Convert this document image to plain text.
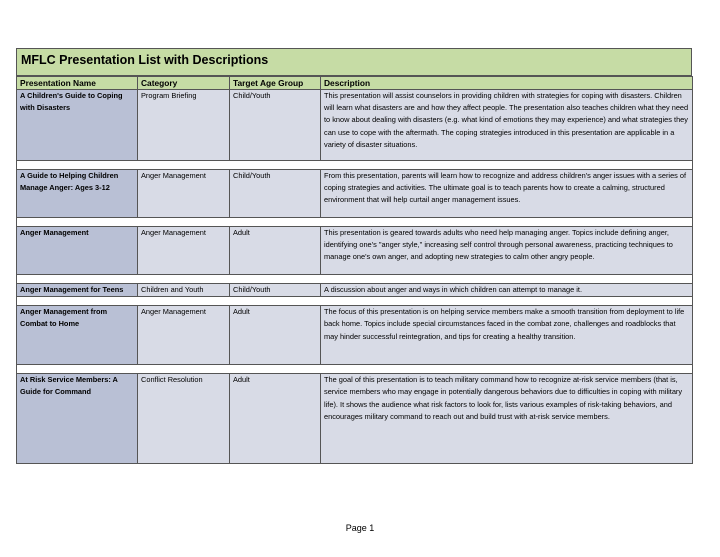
MFLC Presentation List with Descriptions
Presentation Name	Category	Target Age Group	Description
A Children's Guide to Coping with Disasters	Program Briefing	Child/Youth	This presentation will assist counselors in providing children with strategies for coping with disasters. Children will learn what disasters are and how they affect people. The presentation also teaches children what they need to know about dealing with disasters (e.g. what kind of emotions they may experience) and what strategies they can use to cope with the aftermath. The coping strategies introduced in this presentation are applicable in a variety of disaster situations.

A Guide to Helping Children Manage Anger: Ages 3-12	Anger Management	Child/Youth	From this presentation, parents will learn how to recognize and address children's anger issues with a series of coping strategies and activities. The ultimate goal is to teach parents how to create a calming, structured environment that will help curtail anger management issues.

Anger Management	Anger Management	Adult	This presentation is geared towards adults who need help managing anger. Topics include defining anger, identifying one's "anger style," increasing self control through personal awareness, practicing techniques to manage one's own anger, and adopting new strategies to calm other angry people.

Anger Management for Teens	Children and Youth	Child/Youth	A discussion about anger and ways in which children can attempt to manage it.

Anger Management from Combat to Home	Anger Management	Adult	The focus of this presentation is on helping service members make a smooth transition from deployment to life back home. Topics include special circumstances faced in the combat zone, challenges and roadblocks that may hinder successful reintegration, and tips for creating a healthy transition.

At Risk Service Members: A Guide for Command	Conflict Resolution	Adult	The goal of this presentation is to teach military command how to recognize at-risk service members (that is, service members who may engage in potentially dangerous behaviors due to difficulties in coping with military life). It shows the audience what risk factors to look for, lists various examples of risk-taking behaviors, and encourages military command to reach out and build trust with at-risk service members.
Page 1
